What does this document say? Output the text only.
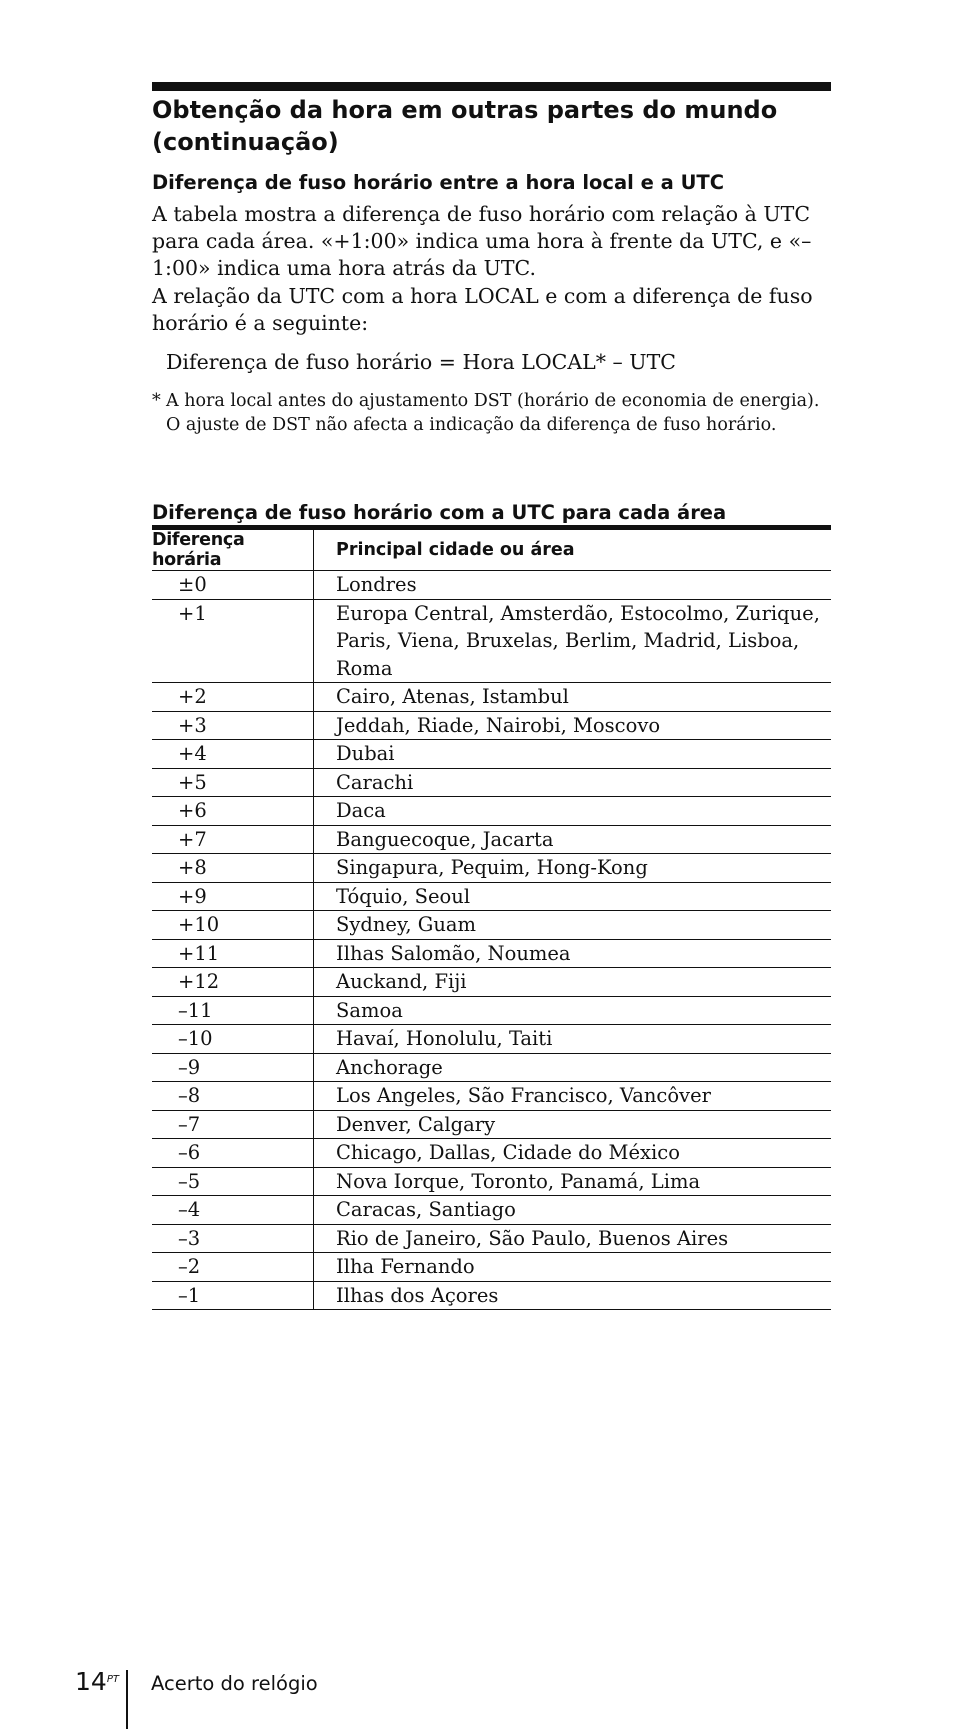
Obtenção da hora em outras partes do mundo (continuação)
Diferença de fuso horário entre a hora local e a UTC

A tabela mostra a diferença de fuso horário com relação à UTC para cada área. «+1:00» indica uma hora à frente da UTC, e «–1:00» indica uma hora atrás da UTC.

A relação da UTC com a hora LOCAL e com a diferença de fuso horário é a seguinte:

Diferença de fuso horário = Hora LOCAL* – UTC

* A hora local antes do ajustamento DST (horário de economia de energia). O ajuste de DST não afecta a indicação da diferença de fuso horário.

Diferença de fuso horário com a UTC para cada área
Diferença horária	Principal cidade ou área
±0	Londres
+1	Europa Central, Amsterdão, Estocolmo, Zurique, Paris, Viena, Bruxelas, Berlim, Madrid, Lisboa, Roma
+2	Cairo, Atenas, Istambul
+3	Jeddah, Riade, Nairobi, Moscovo
+4	Dubai
+5	Carachi
+6	Daca
+7	Banguecoque, Jacarta
+8	Singapura, Pequim, Hong-Kong
+9	Tóquio, Seoul
+10	Sydney, Guam
+11	Ilhas Salomão, Noumea
+12	Auckand, Fiji
–11	Samoa
–10	Havaí, Honolulu, Taiti
–9	Anchorage
–8	Los Angeles, São Francisco, Vancôver
–7	Denver, Calgary
–6	Chicago, Dallas, Cidade do México
–5	Nova Iorque, Toronto, Panamá, Lima
–4	Caracas, Santiago
–3	Rio de Janeiro, São Paulo, Buenos Aires
–2	Ilha Fernando
–1	Ilhas dos Açores
$14^{PT}$ Acerto do relógio
